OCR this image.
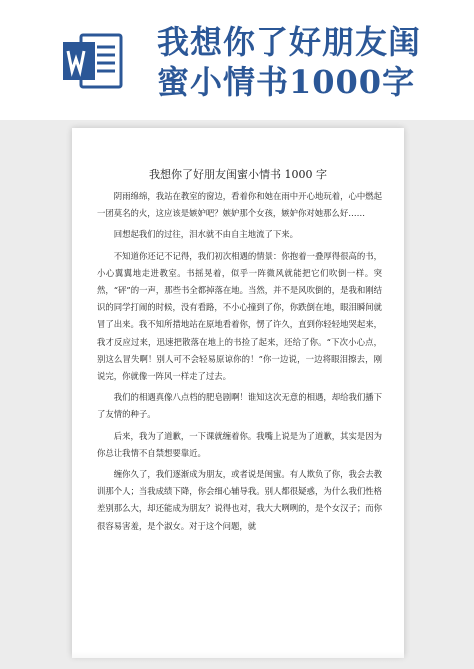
我想你了好朋友闺
蜜小情书1000字
我想你了好朋友闺蜜小情书 1000 字

阴雨绵绵，我站在教室的窗边，看着你和她在雨中开心地玩着，心中燃起一团莫名的火，这应该是嫉妒吧？嫉妒那个女孩，嫉妒你对她那么好……

回想起我们的过往，泪水就不由自主地流了下来。

不知道你还记不记得，我们初次相遇的情景：你抱着一叠厚得很高的书，小心翼翼地走进教室。书摇晃着，似乎一阵微风就能把它们吹倒一样。突然，“砰”的一声，那些书全都掉落在地。当然，并不是风吹倒的，是我和刚结识的同学打闹的时候，没有看路，不小心撞到了你，你跌倒在地，眼泪瞬间就冒了出来。我不知所措地站在原地看着你，愣了许久，直到你轻轻地哭起来，我才反应过来，迅速把散落在地上的书捡了起来，还给了你。“下次小心点，别这么冒失啊！别人可不会轻易原谅你的！”你一边说，一边将眼泪擦去，刚说完，你就像一阵风一样走了过去。

我们的相遇真像八点档的肥皂剧啊！谁知这次无意的相遇，却给我们播下了友情的种子。

后来，我为了道歉，一下课就缠着你。我嘴上说是为了道歉，其实是因为你总让我情不自禁想要靠近。

缠你久了，我们逐渐成为朋友，或者说是闺蜜。有人欺负了你，我会去教训那个人；当我成绩下降，你会细心辅导我。别人都很疑惑，为什么我们性格差别那么大，却还能成为朋友？说得也对，我大大咧咧的，是个女汉子；而你很容易害羞，是个淑女。对于这个问题，就
